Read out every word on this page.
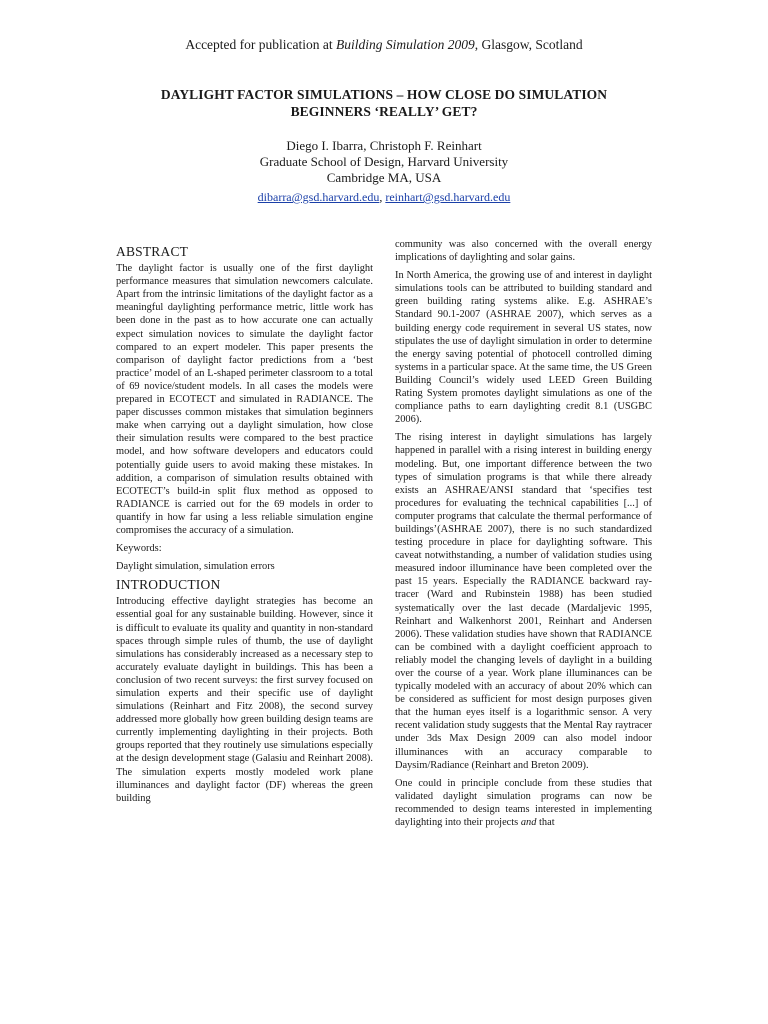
Accepted for publication at Building Simulation 2009, Glasgow, Scotland
DAYLIGHT FACTOR SIMULATIONS – HOW CLOSE DO SIMULATION
BEGINNERS ‘REALLY’ GET?
Diego I. Ibarra, Christoph F. Reinhart
Graduate School of Design, Harvard University
Cambridge MA, USA
dibarra@gsd.harvard.edu, reinhart@gsd.harvard.edu
ABSTRACT

The daylight factor is usually one of the first daylight performance measures that simulation newcomers calculate. Apart from the intrinsic limitations of the daylight factor as a meaningful daylighting performance metric, little work has been done in the past as to how accurate one can actually expect simulation novices to simulate the daylight factor compared to an expert modeler. This paper presents the comparison of daylight factor predictions from a ‘best practice’ model of an L-shaped perimeter classroom to a total of 69 novice/student models. In all cases the models were prepared in ECOTECT and simulated in RADIANCE. The paper discusses common mistakes that simulation beginners make when carrying out a daylight simulation, how close their simulation results were compared to the best practice model, and how software developers and educators could potentially guide users to avoid making these mistakes. In addition, a comparison of simulation results obtained with ECOTECT’s build-in split flux method as opposed to RADIANCE is carried out for the 69 models in order to quantify in how far using a less reliable simulation engine compromises the accuracy of a simulation.

Keywords:

Daylight simulation, simulation errors

INTRODUCTION

Introducing effective daylight strategies has become an essential goal for any sustainable building. However, since it is difficult to evaluate its quality and quantity in non-standard spaces through simple rules of thumb, the use of daylight simulations has considerably increased as a necessary step to accurately evaluate daylight in buildings. This has been a conclusion of two recent surveys: the first survey focused on simulation experts and their specific use of daylight simulations (Reinhart and Fitz 2008), the second survey addressed more globally how green building design teams are currently implementing daylighting in their projects. Both groups reported that they routinely use simulations especially at the design development stage (Galasiu and Reinhart 2008). The simulation experts mostly modeled work plane illuminances and daylight factor (DF) whereas the green building

community was also concerned with the overall energy implications of daylighting and solar gains.

In North America, the growing use of and interest in daylight simulations tools can be attributed to building standard and green building rating systems alike. E.g. ASHRAE’s Standard 90.1-2007 (ASHRAE 2007), which serves as a building energy code requirement in several US states, now stipulates the use of daylight simulation in order to determine the energy saving potential of photocell controlled diming systems in a particular space. At the same time, the US Green Building Council’s widely used LEED Green Building Rating System promotes daylight simulations as one of the compliance paths to earn daylighting credit 8.1 (USGBC 2006).

The rising interest in daylight simulations has largely happened in parallel with a rising interest in building energy modeling. But, one important difference between the two types of simulation programs is that while there already exists an ASHRAE/ANSI standard that ‘specifies test procedures for evaluating the technical capabilities [...] of computer programs that calculate the thermal performance of buildings’(ASHRAE 2007), there is no such standardized testing procedure in place for daylighting software. This caveat notwithstanding, a number of validation studies using measured indoor illuminance have been completed over the past 15 years. Especially the RADIANCE backward ray-tracer (Ward and Rubinstein 1988) has been studied systematically over the last decade (Mardaljevic 1995, Reinhart and Walkenhorst 2001, Reinhart and Andersen 2006). These validation studies have shown that RADIANCE can be combined with a daylight coefficient approach to reliably model the changing levels of daylight in a building over the course of a year. Work plane illuminances can be typically modeled with an accuracy of about 20% which can be considered as sufficient for most design purposes given that the human eyes itself is a logarithmic sensor. A very recent validation study suggests that the Mental Ray raytracer under 3ds Max Design 2009 can also model indoor illuminances with an accuracy comparable to Daysim/Radiance (Reinhart and Breton 2009).

One could in principle conclude from these studies that validated daylight simulation programs can now be recommended to design teams interested in implementing daylighting into their projects and that
